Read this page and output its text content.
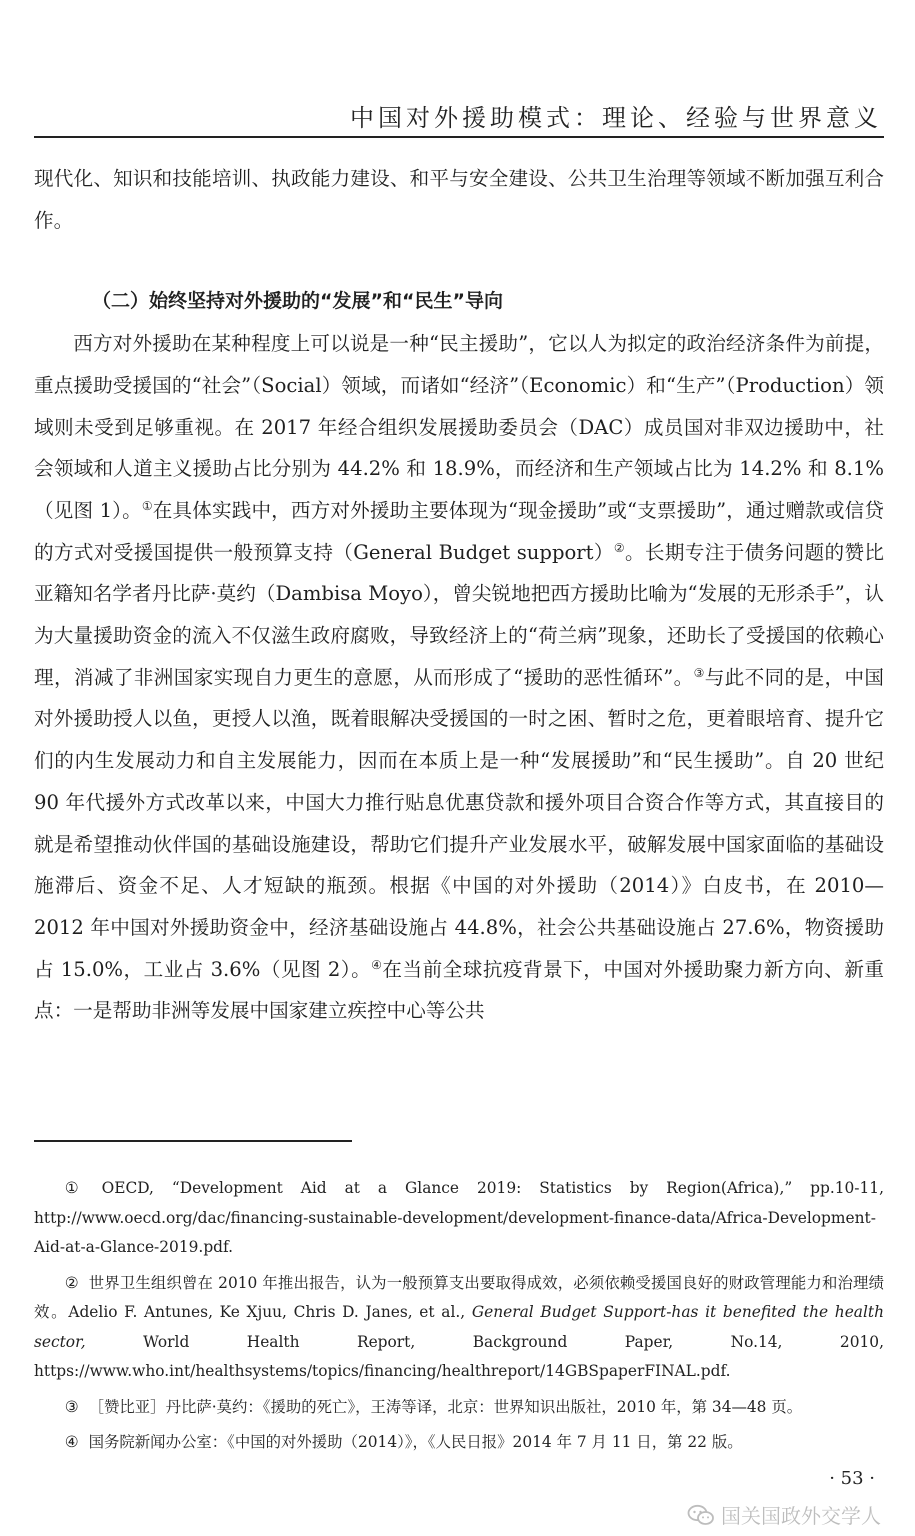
中国对外援助模式：理论、经验与世界意义

现代化、知识和技能培训、执政能力建设、和平与安全建设、公共卫生治理等领域不断加强互利合作。

（二）始终坚持对外援助的“发展”和“民生”导向

西方对外援助在某种程度上可以说是一种“民主援助”，它以人为拟定的政治经济条件为前提，重点援助受援国的“社会”（Social）领域，而诸如“经济”（Economic）和“生产”（Production）领域则未受到足够重视。在 2017 年经合组织发展援助委员会（DAC）成员国对非双边援助中，社会领域和人道主义援助占比分别为 44.2% 和 18.9%，而经济和生产领域占比为 14.2% 和 8.1%（见图 1）。①在具体实践中，西方对外援助主要体现为“现金援助”或“支票援助”，通过赠款或信贷的方式对受援国提供一般预算支持（General Budget support）②。长期专注于债务问题的赞比亚籍知名学者丹比萨·莫约（Dambisa Moyo），曾尖锐地把西方援助比喻为“发展的无形杀手”，认为大量援助资金的流入不仅滋生政府腐败，导致经济上的“荷兰病”现象，还助长了受援国的依赖心理，消减了非洲国家实现自力更生的意愿，从而形成了“援助的恶性循环”。③与此不同的是，中国对外援助授人以鱼，更授人以渔，既着眼解决受援国的一时之困、暂时之危，更着眼培育、提升它们的内生发展动力和自主发展能力，因而在本质上是一种“发展援助”和“民生援助”。自 20 世纪 90 年代援外方式改革以来，中国大力推行贴息优惠贷款和援外项目合资合作等方式，其直接目的就是希望推动伙伴国的基础设施建设，帮助它们提升产业发展水平，破解发展中国家面临的基础设施滞后、资金不足、人才短缺的瓶颈。根据《中国的对外援助（2014）》白皮书，在 2010—2012 年中国对外援助资金中，经济基础设施占 44.8%，社会公共基础设施占 27.6%，物资援助占 15.0%，工业占 3.6%（见图 2）。④在当前全球抗疫背景下，中国对外援助聚力新方向、新重点：一是帮助非洲等发展中国家建立疾控中心等公共

① OECD, “Development Aid at a Glance 2019: Statistics by Region(Africa),” pp.10-11, http://www.oecd.org/dac/financing-sustainable-development/development-finance-data/Africa-Development-Aid-at-a-Glance-2019.pdf.

② 世界卫生组织曾在 2010 年推出报告，认为一般预算支出要取得成效，必须依赖受援国良好的财政管理能力和治理绩效。Adelio F. Antunes, Ke Xjuu, Chris D. Janes, et al., General Budget Support-has it benefited the health sector, World Health Report, Background Paper, No.14, 2010, https://www.who.int/healthsystems/topics/financing/healthreport/14GBSpaperFINAL.pdf.

③ ［赞比亚］丹比萨·莫约：《援助的死亡》，王涛等译，北京：世界知识出版社，2010 年，第 34—48 页。

④ 国务院新闻办公室：《中国的对外援助（2014）》，《人民日报》2014 年 7 月 11 日，第 22 版。

· 53 ·
国关国政外交学人
